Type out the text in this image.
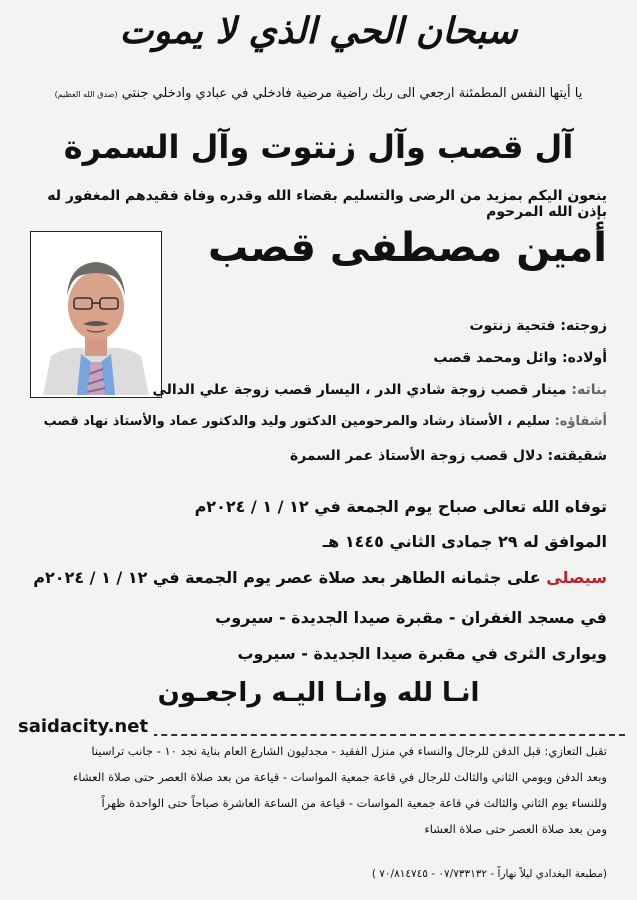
سبحان الحي الذي لا يموت
يا أيتها النفس المطمئنة ارجعي الى ربك راضية مرضية فادخلي في عبادي وادخلي جنتي (صدق الله العظيم)
آل قصب وآل زنتوت وآل السمرة
ينعون اليكم بمزيد من الرضى والتسليم بقضاء الله وقدره وفاة فقيدهم المغفور له بإذن الله المرحوم
أمين مصطفى قصب
زوجته: فتحية زنتوت
أولاده: وائل ومحمد قصب
بناته: مينار قصب زوجة شادي الدر ، اليسار قصب زوجة علي الدالي
أشقاؤه: سليم ، الأستاذ رشاد والمرحومين الدكتور وليد والدكتور عماد والأستاذ نهاد قصب
شقيقته: دلال قصب زوجة الأستاذ عمر السمرة
توفاه الله تعالى صباح يوم الجمعة في ١٢ / ١ / ٢٠٢٤م
الموافق له ٢٩ جمادى الثاني ١٤٤٥ هـ
سيصلى على جثمانه الطاهر بعد صلاة عصر يوم الجمعة في ١٢ / ١ / ٢٠٢٤م
في مسجد الغفران - مقبرة صيدا الجديدة - سيروب
ويوارى الثرى في مقبرة صيدا الجديدة - سيروب
انـا لله وانـا اليـه راجعـون
saidacity.net
تقبل التعازي: قبل الدفن للرجال والنساء في منزل الفقيد - مجدليون الشارع العام بناية نجد ١٠ - جانب تراسينا
وبعد الدفن ويومي الثاني والثالث للرجال في قاعة جمعية المواسات - قياعة من بعد صلاة العصر حتى صلاة العشاء
وللنساء يوم الثاني والثالث في قاعة جمعية المواسات - قياعة من الساعة العاشرة صباحاً حتى الواحدة ظهراً
ومن بعد صلاة العصر حتى صلاة العشاء
(مطبعة البغدادي ليلاً نهاراً - ٠٧/٧٣٣١٣٢ - ٧٠/٨١٤٧٤٥ )
